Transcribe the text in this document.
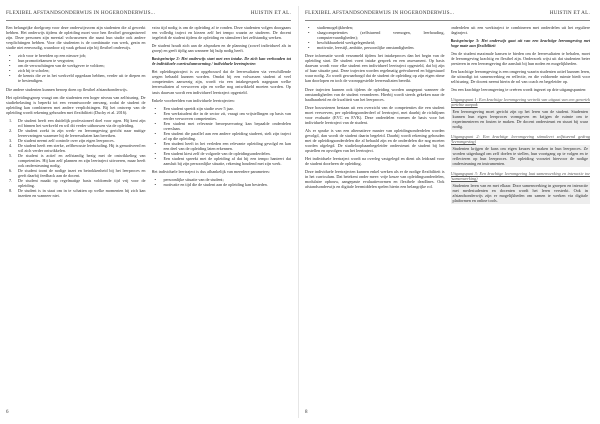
FLEXIBEL AFSTANDSONDERWIJS IN HOGERONDERWIJS...	HUISTIN ET AL.

Een belangrijke doelgroep voor deze onderwijsvorm zijn studenten die al gewerkt hebben. Het onderwijs tijdens de opleiding moet voor hen flexibel georganiseerd zijn. Deze personen zijn meestal volwassenen die naast hun studie ook andere verplichtingen hebben. Voor die studenten is de combinatie van werk, gezin en studie niet eenvoudig, waardoor zij vaak gebaat zijn bij flexibel onderwijs.

• zich voor te bereiden op een nieuwe job;
• hun promotiekansen te vergroten;
• om de verwachtingen van de werkgever te voldoen;
• zich bij te scholen;
• de kennis die ze in het werkveld opgedaan hebben, verder uit te diepen en te bestendigen.

Die andere studenten kunnen beroep doen op flexibel afstandsonderwijs.

Het opleidingsgroep vraagt om die studenten een hoger niveau van zelfsturing. De studiebelasting is beperkt tot een verantwoorde omvang, zodat de student de opleiding kan combineren met andere verplichtingen. Bij het ontwerp van de opleiding wordt rekening gehouden met flexibiliteit (Duchy et al. 2016).

1. De student heeft een duidelijk professioneel doel voor ogen. Hij kent zijn rol binnen het werkveld en wil dit verder uitbouwen via de opleiding.
2. De student zoekt in zijn werk- en leeromgeving gericht naar nuttige leerervaringen waarmee hij de leerresultaten kan bereiken.
3. De student neemt zelf controle over zijn eigen leerproces.
4. De student heeft een sterke, zelfbewuste leerhouding. Hij is gemotiveerd en wil zich verder ontwikkelen.
5. De student is actief en zelfstandig bezig met de ontwikkeling van competenties. Hij kan zelf plannen en zijn leertraject uitvoeren, maar heeft ook ondersteuning nodig.
6. De student toont de nodige inzet en betrokkenheid bij het leerproces en geeft daarbij feedback aan de docent.
7. De student maakt op regelmatige basis voldoende tijd vrij voor de opleiding.
8. De student is in staat om in te schatten op welke momenten hij zich kan inzetten en wanneer niet.

extra tijd nodig is om de opleiding af te ronden. Deze studenten volgen doorgaans een volledig traject en kiezen zelf het tempo waarin ze studeren. De docent begeleidt de student tijdens de opleiding en stimuleert het zelfstandig werken.

De student houdt zich aan de afspraken en de planning (zowel individueel als in groep) en geeft tijdig aan wanneer hij hulp nodig heeft.

Basisprincipe 2: Het onderwijs start met een intake. De zich kan verhouden tot de individuele curriculumvorming / individuele leertrajecten

Het opleidingstraject is zo opgebouwd dat de leerresultaten via verschillende wegen behaald kunnen worden. Omdat bij een volwassen student al veel competenties aanwezig zijn, wordt via een intakegesprek nagegaan welke leerresultaten al verworven zijn en welke nog ontwikkeld moeten worden. Op basis daarvan wordt een individueel leertraject opgesteld.

Enkele voorbeelden van individuele leertrajecten:

• Een student spreidt zijn studie over 5 jaar.
• Een werkstudent die in de sector zit, vraagt om vrijstellingen op basis van eerder verworven competenties.
• Een student met relevante beroepservaring kan bepaalde onderdelen overslaan.
• Een student die parallel aan een andere opleiding studeert, stelt zijn traject af op die opleiding.
• Een student heeft in het verleden een relevante opleiding gevolgd en kan een deel van de opleiding laten erkennen.
• Een student kiest zelf de volgorde van de opleidingsonderdelen.
• Een student spreekt met de opleiding af dat hij een tempo hanteert dat aansluit bij zijn persoonlijke situatie, rekening houdend met zijn werk.

Het individuele leertraject is dus afhankelijk van meerdere parameters:

• persoonlijke situatie van de student;
• motivatie en tijd die de student aan de opleiding kan besteden.
6
FLEXIBEL AFSTANDSONDERWIJS IN HOGERONDERWIJS...	HUISTIN ET AL.
• studiemogelijkheden;
• slaagcompetenties (zelfsturend vermogen, leerhouding, computervaardigheden);
• beschikbaarheid werkgelegenheid;
• motivatie, leerstijl, ambitie, persoonlijke omstandigheden.

Deze informatie wordt verzameld tijdens het intakeproces dan het begin van de opleiding start. De student voert intake gesprek en een assessment. Op basis daarvan wordt voor elke student een individueel leertraject opgesteld, dat bij zijn of haar situatie past. Deze trajecten worden regelmatig geëvalueerd en bijgestuurd waar nodig. Zo wordt gewaarborgd dat de student de opleiding op zijn eigen ritme kan doorlopen en toch de vooropgestelde leerresultaten bereikt.

Deze trajecten kunnen ook tijdens de opleiding worden aangepast wanneer de omstandigheden van de student veranderen. Hierbij wordt steeds gekeken naar de haalbaarheid en de kwaliteit van het leerproces.

Deze bouwstenen bestaan uit een overzicht van de competenties die een student moet verwerven, per opleidingsonderdeel of leertraject, met daarbij de richtlijnen voor evaluatie (EVC en EVK). Deze onderdelen vormen de basis voor het individuele leertraject van de student.

Als er sprake is van een alternatieve manier van opleidingsonderdelen worden gevolgd, dan wordt de student daarin begeleid. Daarbij wordt rekening gehouden met de opleidingsonderdelen die al behaald zijn en de onderdelen die nog moeten worden afgelegd. De studieloopbaanbegeleider ondersteunt de student bij het opstellen en opvolgen van het leertraject.

Het individuele leertraject wordt na overleg vastgelegd en dient als leidraad voor de student doorheen de opleiding.

Deze individuele leertrajecten kunnen enkel werken als er de nodige flexibiliteit is in het curriculum. Dat betekent onder meer: vrije keuze van opleidingsonderdelen, modulaire opbouw, aangepaste evaluatievormen en flexibele deadlines. Ook afstandsonderwijs en digitale leermiddelen spelen hierin een belangrijke rol.

onderdelen uit een werktraject te combineren met onderdelen uit het reguliere dagtraject.

Basisprincipe 3: Het onderwijs gaat uit van een krachtige leeromgeving met hoge mate aan flexibiliteit

Om de student maximale kansen te bieden om de leerresultaten te behalen, moet de leeromgeving krachtig en flexibel zijn. Onderzoek wijst uit dat studenten beter presteren in een leeromgeving die aansluit bij hun noden en mogelijkheden.

Een krachtige leeromgeving is een omgeving waarin studenten actief kunnen leren, die uitnodigt tot samenwerking en reflectie, en die voldoende ruimte biedt voor zelfsturing. De docent neemt hierin de rol van coach en begeleider op.

Om een krachtige leeromgeving te creëren wordt ingezet op drie uitgangspunten:

Uitgangspunt 1: Een krachtige leeromgeving vertrekt van uitgaat van een generiek gerichte aanpak

Een leeromgeving moet gericht zijn op het leren van de student. Studenten kunnen hun eigen leerproces vormgeven en krijgen de ruimte om te experimenteren en fouten te maken. De docent ondersteunt en stuurt bij waar nodig.

Uitgangspunt 2: Een krachtige leeromgeving stimuleert zelfsturend gedrag (leeromgeving)

Studenten krijgen de kans om eigen keuzes te maken in hun leerproces. Ze worden uitgedaagd om zelf doelen te stellen, hun voortgang op te volgen en te reflecteren op hun leerproces. De opleiding voorziet hiervoor de nodige ondersteuning en instrumenten.

Uitgangspunt 3: Een krachtige leeromgeving laat samenwerking en interactie toe (samenwerking)

Studenten leren van en met elkaar. Door samenwerking in groepen en interactie met medestudenten en docenten wordt het leren versterkt. Ook in afstandsonderwijs zijn er mogelijkheden om samen te werken via digitale platformen en online tools.

8
